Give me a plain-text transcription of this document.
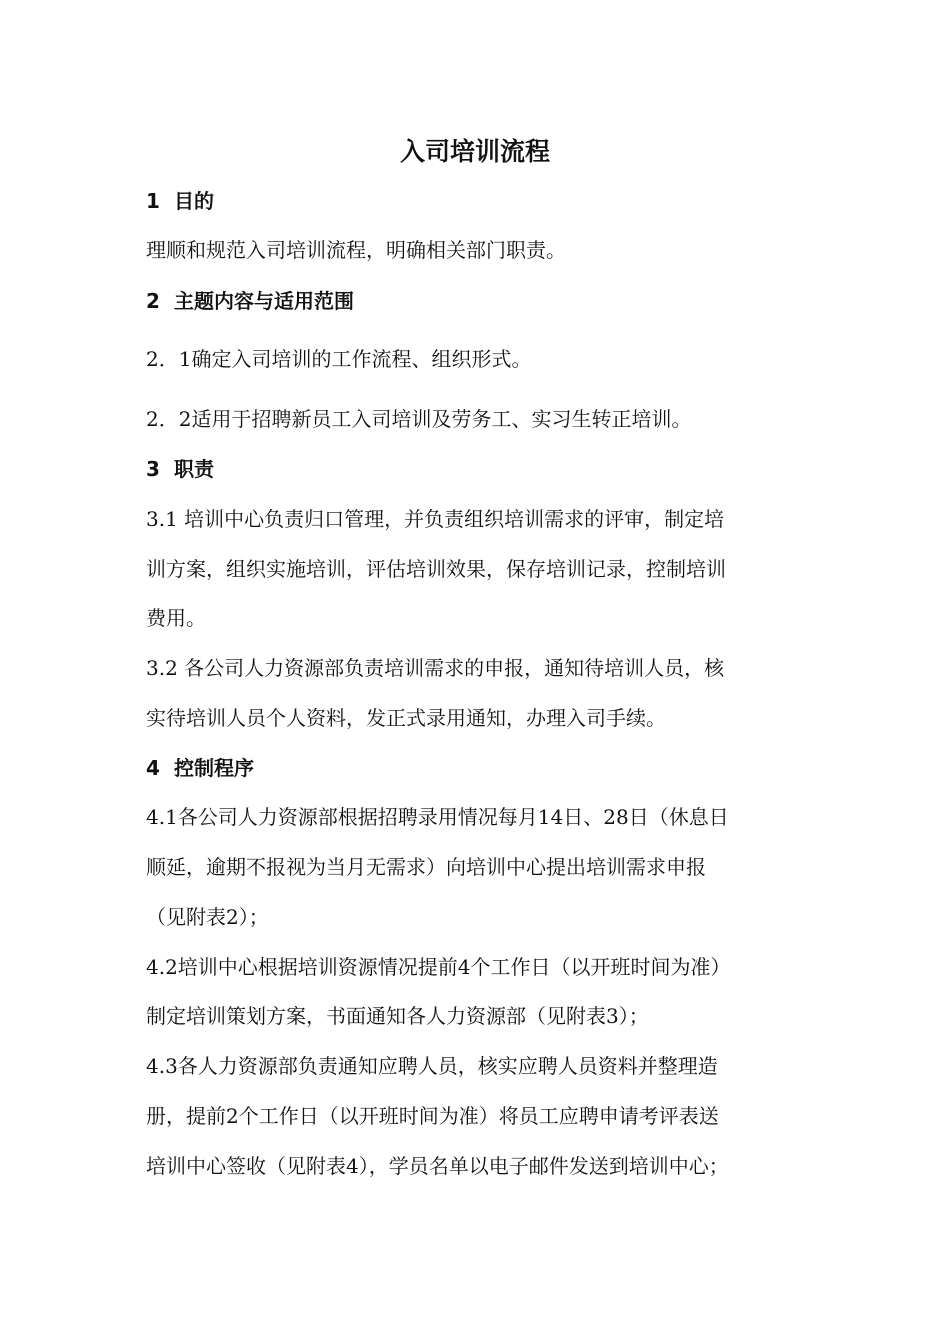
入司培训流程
1 目的
理顺和规范入司培训流程，明确相关部门职责。
2 主题内容与适用范围
2．1确定入司培训的工作流程、组织形式。
2．2适用于招聘新员工入司培训及劳务工、实习生转正培训。
3 职责
3.1 培训中心负责归口管理，并负责组织培训需求的评审，制定培
训方案，组织实施培训，评估培训效果，保存培训记录，控制培训
费用。
3.2 各公司人力资源部负责培训需求的申报，通知待培训人员，核
实待培训人员个人资料，发正式录用通知，办理入司手续。
4 控制程序
4.1各公司人力资源部根据招聘录用情况每月14日、28日（休息日
顺延，逾期不报视为当月无需求）向培训中心提出培训需求申报
（见附表2）；
4.2培训中心根据培训资源情况提前4个工作日（以开班时间为准）
制定培训策划方案，书面通知各人力资源部（见附表3）；
4.3各人力资源部负责通知应聘人员，核实应聘人员资料并整理造
册，提前2个工作日（以开班时间为准）将员工应聘申请考评表送
培训中心签收（见附表4），学员名单以电子邮件发送到培训中心；
